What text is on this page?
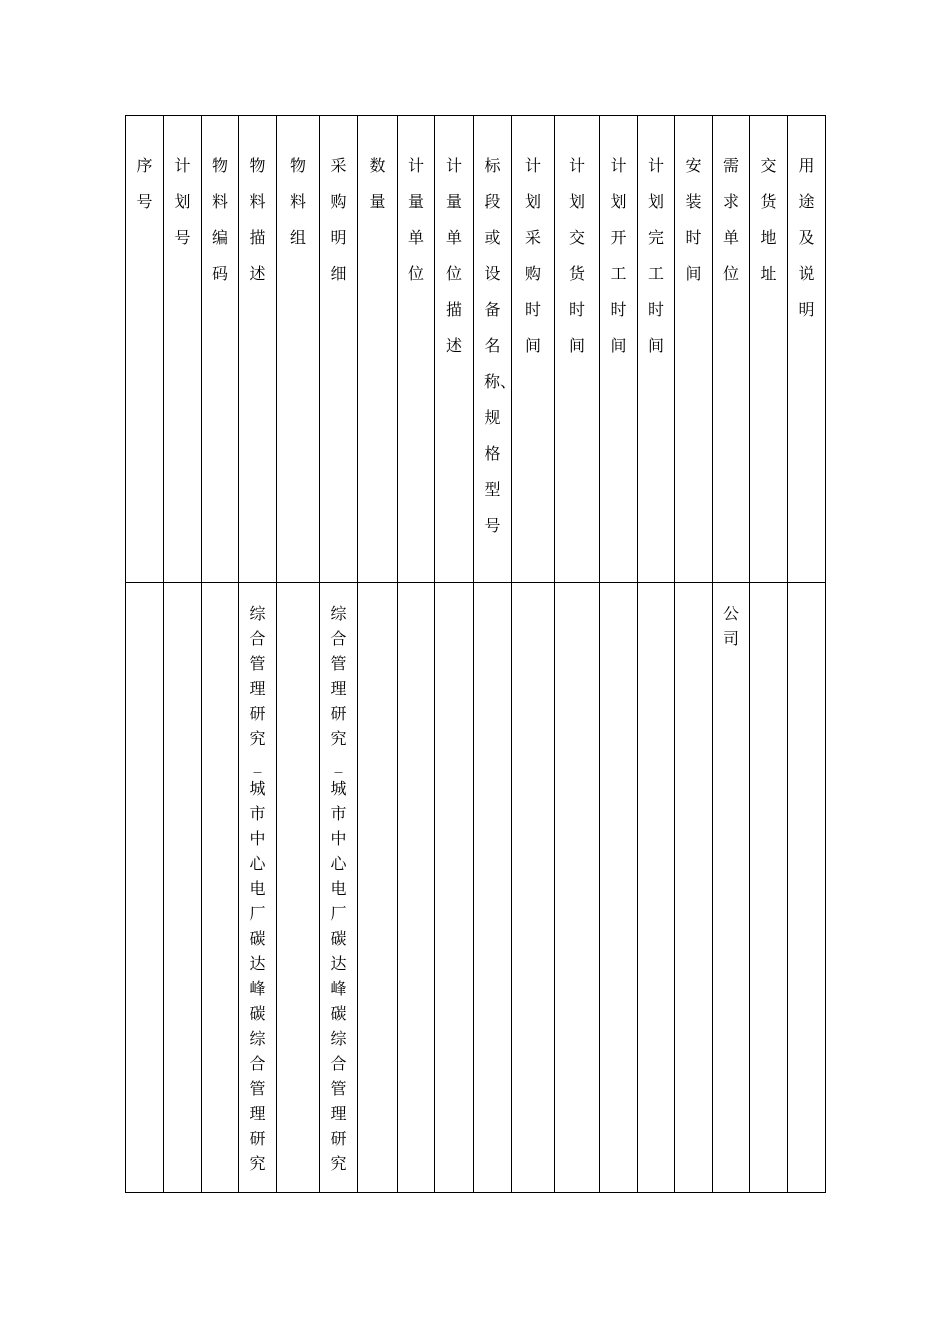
序号	计划号	物料编码	物料描述	物料组	采购明细	数量	计量单位	计量单位描述	标段或设备名称、规格型号	计划采购时间	计划交货时间	计划开工时间	计划完工时间	安装时间	需求单位	交货地址	用途及说明

			综合管理研究_城市中心电厂碳达峰碳综合管理研究		综合管理研究_城市中心电厂碳达峰碳综合管理研究										公司		
